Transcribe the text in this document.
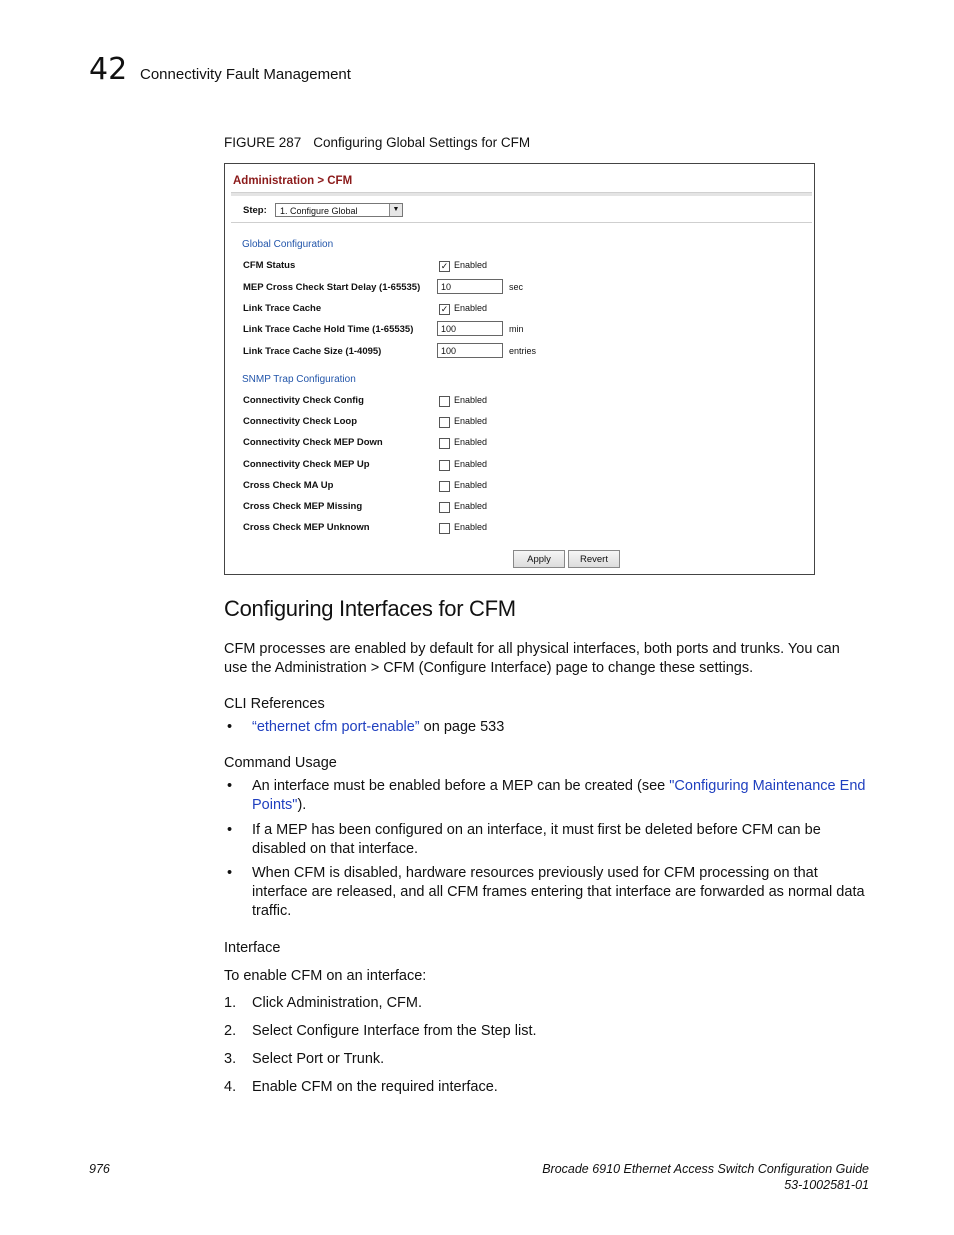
42 Connectivity Fault Management
FIGURE 287 Configuring Global Settings for CFM
Administration > CFM
Step:	1. Configure Global	▼
Global Configuration
CFM Status	✓ Enabled
MEP Cross Check Start Delay (1-65535)	10	sec
Link Trace Cache	✓ Enabled
Link Trace Cache Hold Time (1-65535)	100	min
Link Trace Cache Size (1-4095)	100	entries
SNMP Trap Configuration
Connectivity Check Config	Enabled
Connectivity Check Loop	Enabled
Connectivity Check MEP Down	Enabled
Connectivity Check MEP Up	Enabled
Cross Check MA Up	Enabled
Cross Check MEP Missing	Enabled
Cross Check MEP Unknown	Enabled
Apply	Revert
Configuring Interfaces for CFM

CFM processes are enabled by default for all physical interfaces, both ports and trunks. You can use the Administration > CFM (Configure Interface) page to change these settings.

CLI References
• “ethernet cfm port-enable” on page 533
Command Usage
• An interface must be enabled before a MEP can be created (see "Configuring Maintenance End Points").
• If a MEP has been configured on an interface, it must first be deleted before CFM can be disabled on that interface.
• When CFM is disabled, hardware resources previously used for CFM processing on that interface are released, and all CFM frames entering that interface are forwarded as normal data traffic.
Interface
To enable CFM on an interface:
1. Click Administration, CFM.
2. Select Configure Interface from the Step list.
3. Select Port or Trunk.
4. Enable CFM on the required interface.
976	Brocade 6910 Ethernet Access Switch Configuration Guide
53-1002581-01
